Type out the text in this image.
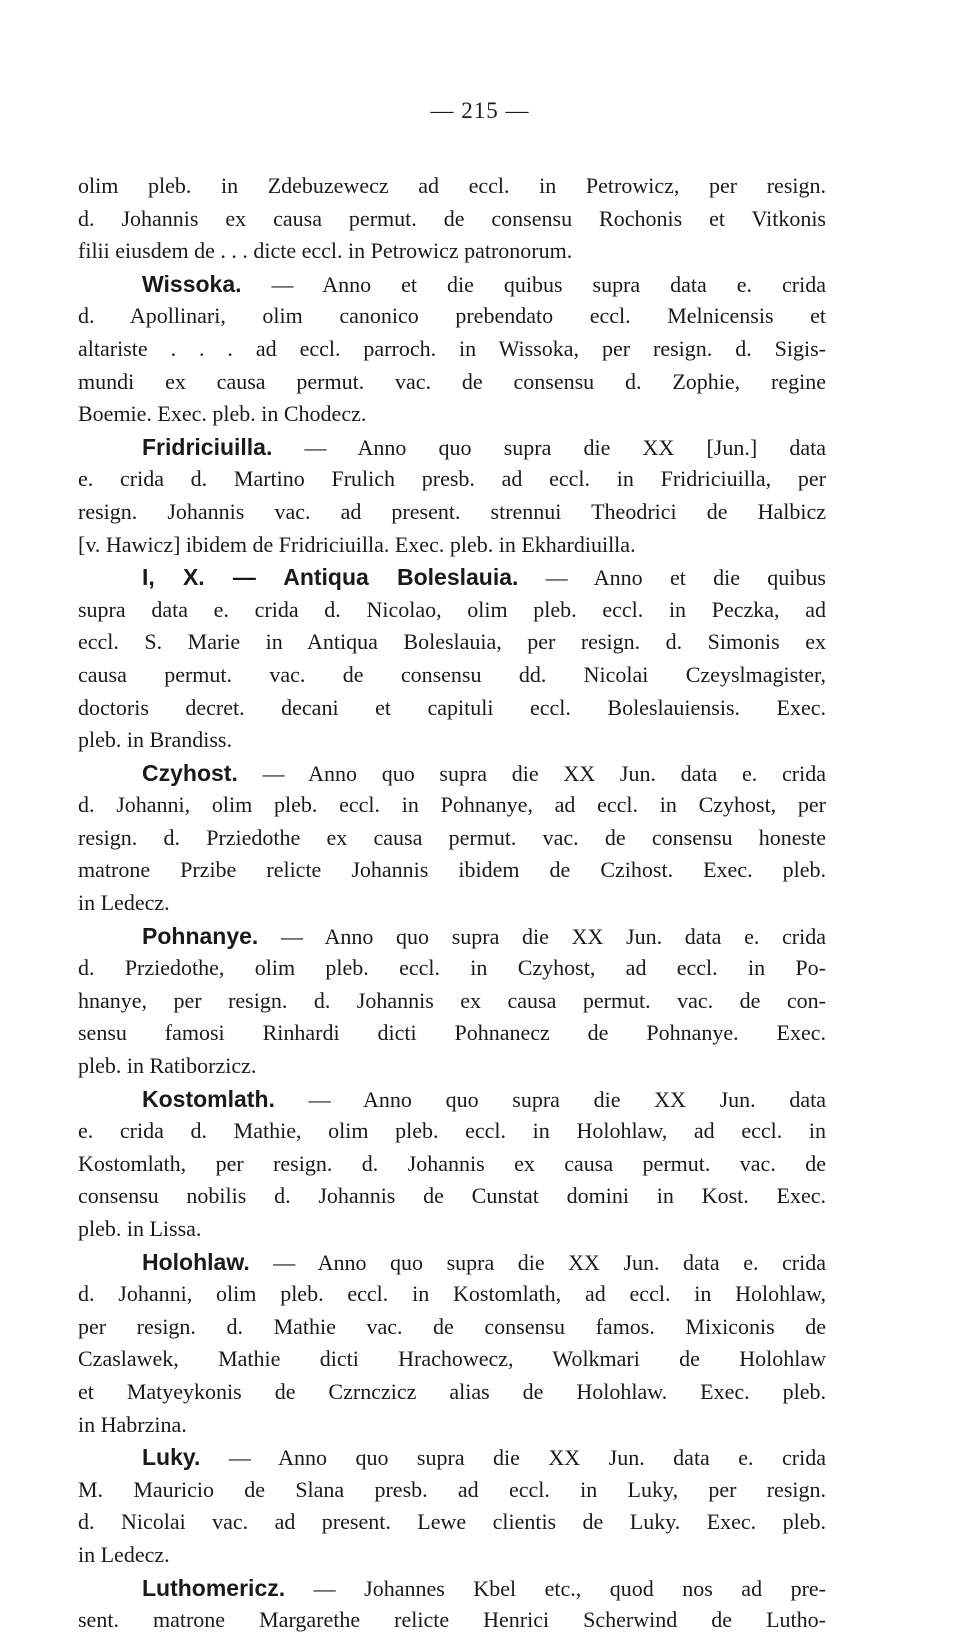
— 215 —
olim pleb. in Zdebuzewecz ad eccl. in Petrowicz, per resign.
d. Johannis ex causa permut. de consensu Rochonis et Vitkonis
filii eiusdem de . . . dicte eccl. in Petrowicz patronorum.
Wissoka. — Anno et die quibus supra data e. crida
d. Apollinari, olim canonico prebendato eccl. Melnicensis et
altariste . . . ad eccl. parroch. in Wissoka, per resign. d. Sigis-
mundi ex causa permut. vac. de consensu d. Zophie, regine
Boemie. Exec. pleb. in Chodecz.
Fridriciuilla. — Anno quo supra die XX [Jun.] data
e. crida d. Martino Frulich presb. ad eccl. in Fridriciuilla, per
resign. Johannis vac. ad present. strennui Theodrici de Halbicz
[v. Hawicz] ibidem de Fridriciuilla. Exec. pleb. in Ekhardiuilla.
I, X. — Antiqua Boleslauia. — Anno et die quibus
supra data e. crida d. Nicolao, olim pleb. eccl. in Peczka, ad
eccl. S. Marie in Antiqua Boleslauia, per resign. d. Simonis ex
causa permut. vac. de consensu dd. Nicolai Czeyslmagister,
doctoris decret. decani et capituli eccl. Boleslauiensis. Exec.
pleb. in Brandiss.
Czyhost. — Anno quo supra die XX Jun. data e. crida
d. Johanni, olim pleb. eccl. in Pohnanye, ad eccl. in Czyhost, per
resign. d. Prziedothe ex causa permut. vac. de consensu honeste
matrone Przibe relicte Johannis ibidem de Czihost. Exec. pleb.
in Ledecz.
Pohnanye. — Anno quo supra die XX Jun. data e. crida
d. Prziedothe, olim pleb. eccl. in Czyhost, ad eccl. in Po-
hnanye, per resign. d. Johannis ex causa permut. vac. de con-
sensu famosi Rinhardi dicti Pohnanecz de Pohnanye. Exec.
pleb. in Ratiborzicz.
Kostomlath. — Anno quo supra die XX Jun. data
e. crida d. Mathie, olim pleb. eccl. in Holohlaw, ad eccl. in
Kostomlath, per resign. d. Johannis ex causa permut. vac. de
consensu nobilis d. Johannis de Cunstat domini in Kost. Exec.
pleb. in Lissa.
Holohlaw. — Anno quo supra die XX Jun. data e. crida
d. Johanni, olim pleb. eccl. in Kostomlath, ad eccl. in Holohlaw,
per resign. d. Mathie vac. de consensu famos. Mixiconis de
Czaslawek, Mathie dicti Hrachowecz, Wolkmari de Holohlaw
et Matyeykonis de Czrnczicz alias de Holohlaw. Exec. pleb.
in Habrzina.
Luky. — Anno quo supra die XX Jun. data e. crida
M. Mauricio de Slana presb. ad eccl. in Luky, per resign.
d. Nicolai vac. ad present. Lewe clientis de Luky. Exec. pleb.
in Ledecz.
Luthomericz. — Johannes Kbel etc., quod nos ad pre-
sent. matrone Margarethe relicte Henrici Scherwind de Lutho-
